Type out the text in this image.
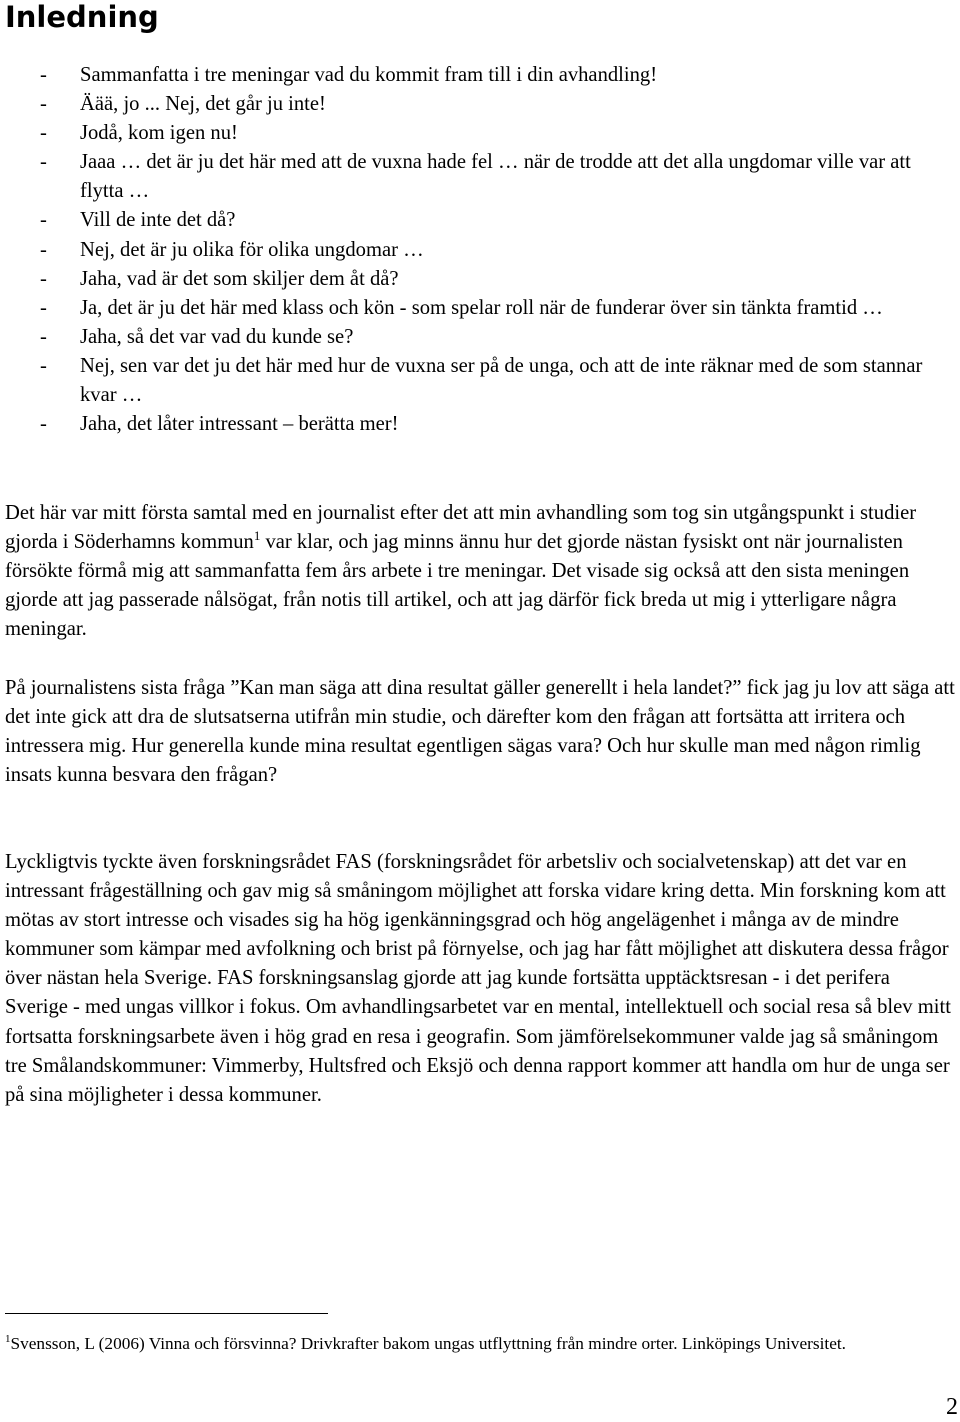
Inledning
- Sammanfatta i tre meningar vad du kommit fram till i din avhandling!
- Äää, jo ... Nej, det går ju inte!
- Jodå, kom igen nu!
- Jaaa … det är ju det här med att de vuxna hade fel … när de trodde att det alla ungdomar ville var att flytta …
- Vill de inte det då?
- Nej, det är ju olika för olika ungdomar …
- Jaha, vad är det som skiljer dem åt då?
- Ja, det är ju det här med klass och kön - som spelar roll när de funderar över sin tänkta framtid …
- Jaha, så det var vad du kunde se?
- Nej, sen var det ju det här med hur de vuxna ser på de unga, och att de inte räknar med de som stannar kvar …
- Jaha, det låter intressant – berätta mer!

Det här var mitt första samtal med en journalist efter det att min avhandling som tog sin utgångspunkt i studier gjorda i Söderhamns kommun$^1$ var klar, och jag minns ännu hur det gjorde nästan fysiskt ont när journalisten försökte förmå mig att sammanfatta fem års arbete i tre meningar. Det visade sig också att den sista meningen gjorde att jag passerade nålsögat, från notis till artikel, och att jag därför fick breda ut mig i ytterligare några meningar.

På journalistens sista fråga ”Kan man säga att dina resultat gäller generellt i hela landet?” fick jag ju lov att säga att det inte gick att dra de slutsatserna utifrån min studie, och därefter kom den frågan att fortsätta att irritera och intressera mig. Hur generella kunde mina resultat egentligen sägas vara? Och hur skulle man med någon rimlig insats kunna besvara den frågan?

Lyckligtvis tyckte även forskningsrådet FAS (forskningsrådet för arbetsliv och socialvetenskap) att det var en intressant frågeställning och gav mig så småningom möjlighet att forska vidare kring detta. Min forskning kom att mötas av stort intresse och visades sig ha hög igenkänningsgrad och hög angelägenhet i många av de mindre kommuner som kämpar med avfolkning och brist på förnyelse, och jag har fått möjlighet att diskutera dessa frågor över nästan hela Sverige. FAS forskningsanslag gjorde att jag kunde fortsätta upptäcktsresan - i det perifera Sverige - med ungas villkor i fokus. Om avhandlingsarbetet var en mental, intellektuell och social resa så blev mitt fortsatta forskningsarbete även i hög grad en resa i geografin. Som jämförelsekommuner valde jag så småningom tre Smålandskommuner: Vimmerby, Hultsfred och Eksjö och denna rapport kommer att handla om hur de unga ser på sina möjligheter i dessa kommuner.

$^1$Svensson, L (2006) Vinna och försvinna? Drivkrafter bakom ungas utflyttning från mindre orter. Linköpings Universitet.

2
